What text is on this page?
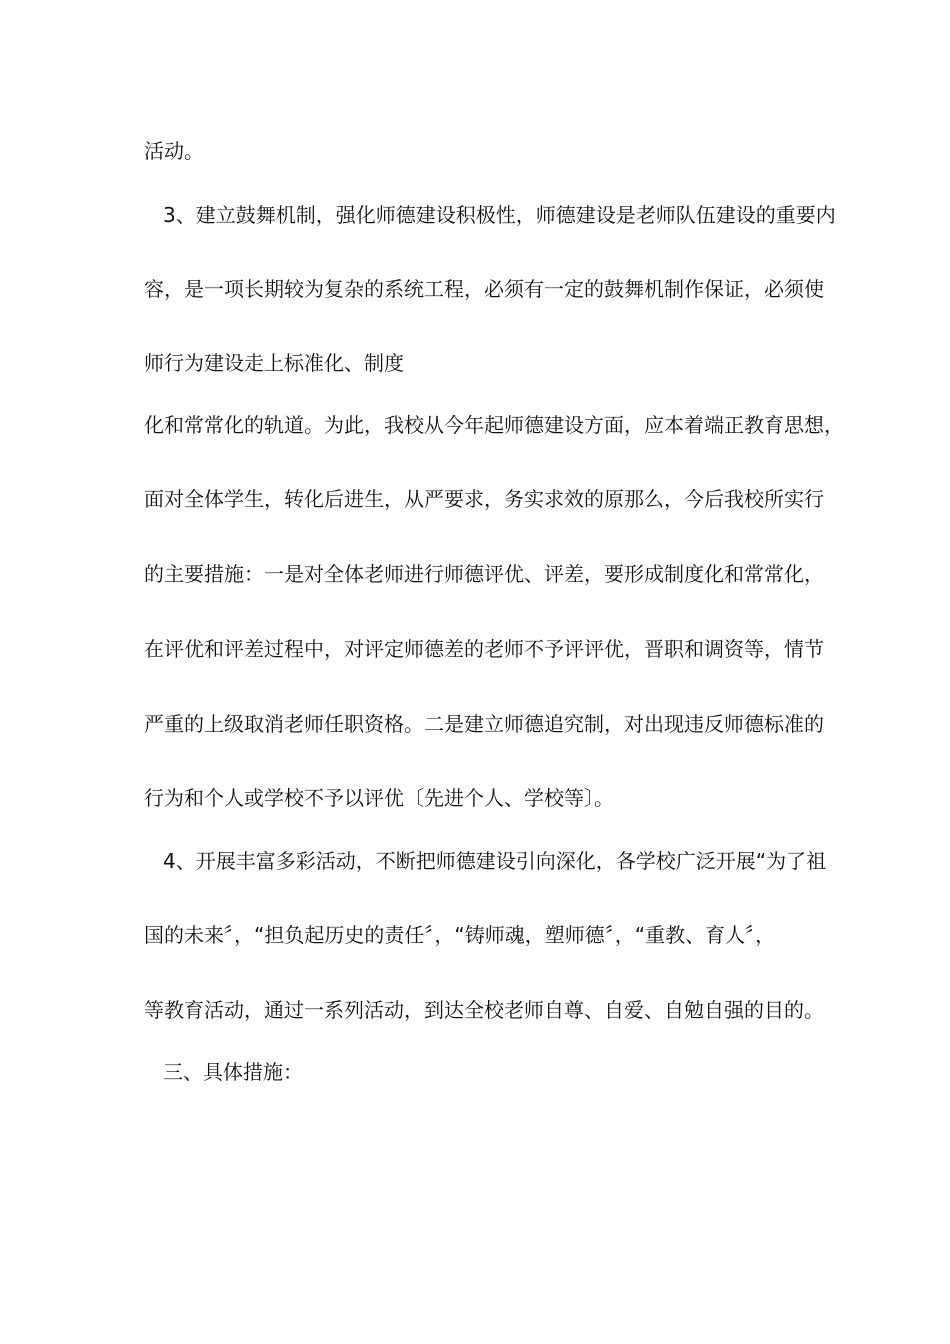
活动。
3、建立鼓舞机制，强化师德建设积极性，师德建设是老师队伍建设的重要内
容，是一项长期较为复杂的系统工程，必须有一定的鼓舞机制作保证，必须使
师行为建设走上标准化、制度
化和常常化的轨道。为此，我校从今年起师德建设方面，应本着端正教育思想，
面对全体学生，转化后进生，从严要求，务实求效的原那么，今后我校所实行
的主要措施：一是对全体老师进行师德评优、评差，要形成制度化和常常化，
在评优和评差过程中，对评定师德差的老师不予评评优，晋职和调资等，情节
严重的上级取消老师任职资格。二是建立师德追究制，对出现违反师德标准的
行为和个人或学校不予以评优〔先进个人、学校等〕。
4、开展丰富多彩活动，不断把师德建设引向深化，各学校广泛开展“为了祖
国的未来〞，“担负起历史的责任〞，“铸师魂，塑师德〞，“重教、育人〞，
等教育活动，通过一系列活动，到达全校老师自尊、自爱、自勉自强的目的。
三、具体措施：
